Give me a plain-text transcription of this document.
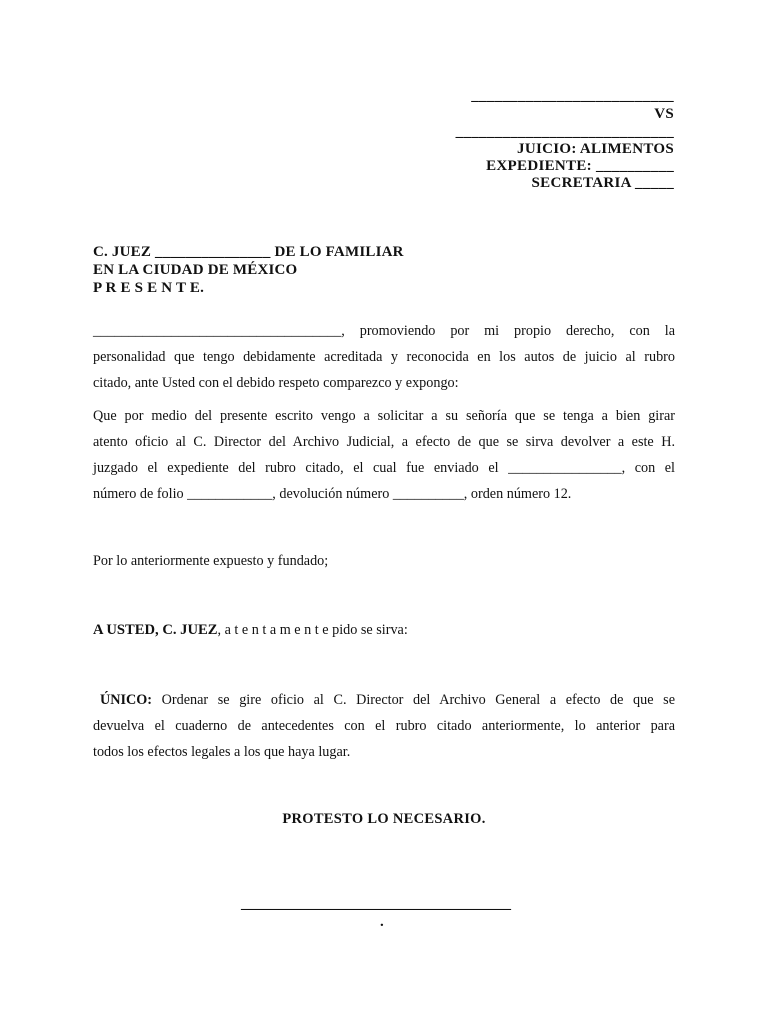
__________________________
VS
____________________________
JUICIO: ALIMENTOS
EXPEDIENTE: __________
SECRETARIA _____
C. JUEZ _______________ DE LO FAMILIAR
EN LA CIUDAD DE MÉXICO
P R E S E N T E.
___________________________________, promoviendo por mi propio derecho, con la
personalidad que tengo debidamente acreditada y reconocida en los autos de juicio al rubro
citado, ante Usted con el debido respeto comparezco y expongo:
Que por medio del presente escrito vengo a solicitar a su señoría que se tenga a bien girar
atento oficio al C. Director del Archivo Judicial, a efecto de que se sirva devolver a este H.
juzgado el expediente del rubro citado, el cual fue enviado el ________________, con el
número de folio ____________, devolución número __________, orden número 12.
Por lo anteriormente expuesto y fundado;
A USTED, C. JUEZ, a t e n t a m e n t e pido se sirva:
ÚNICO: Ordenar se gire oficio al C. Director del Archivo General a efecto de que se
devuelva el cuaderno de antecedentes con el rubro citado anteriormente, lo anterior para
todos los efectos legales a los que haya lugar.
PROTESTO LO NECESARIO.
____________________________________
.
